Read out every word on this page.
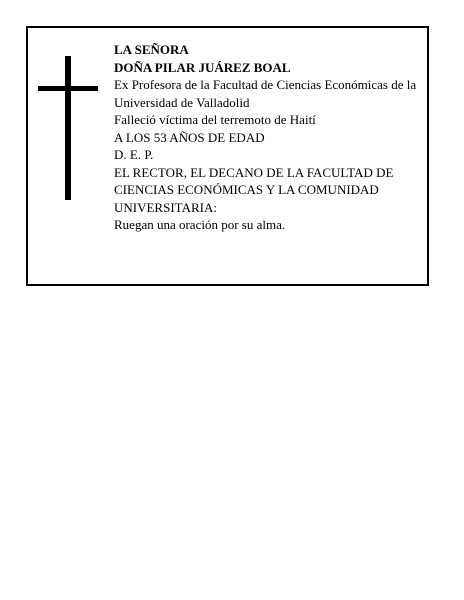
LA SEÑORA
DOÑA PILAR JUÁREZ BOAL
Ex Profesora de la Facultad de Ciencias Económicas de la Universidad de Valladolid
Falleció víctima del terremoto de Haití
A LOS 53 AÑOS DE EDAD
D. E. P.
EL RECTOR, EL DECANO DE LA FACULTAD DE CIENCIAS ECONÓMICAS Y LA COMUNIDAD UNIVERSITARIA:
Ruegan una oración por su alma.
